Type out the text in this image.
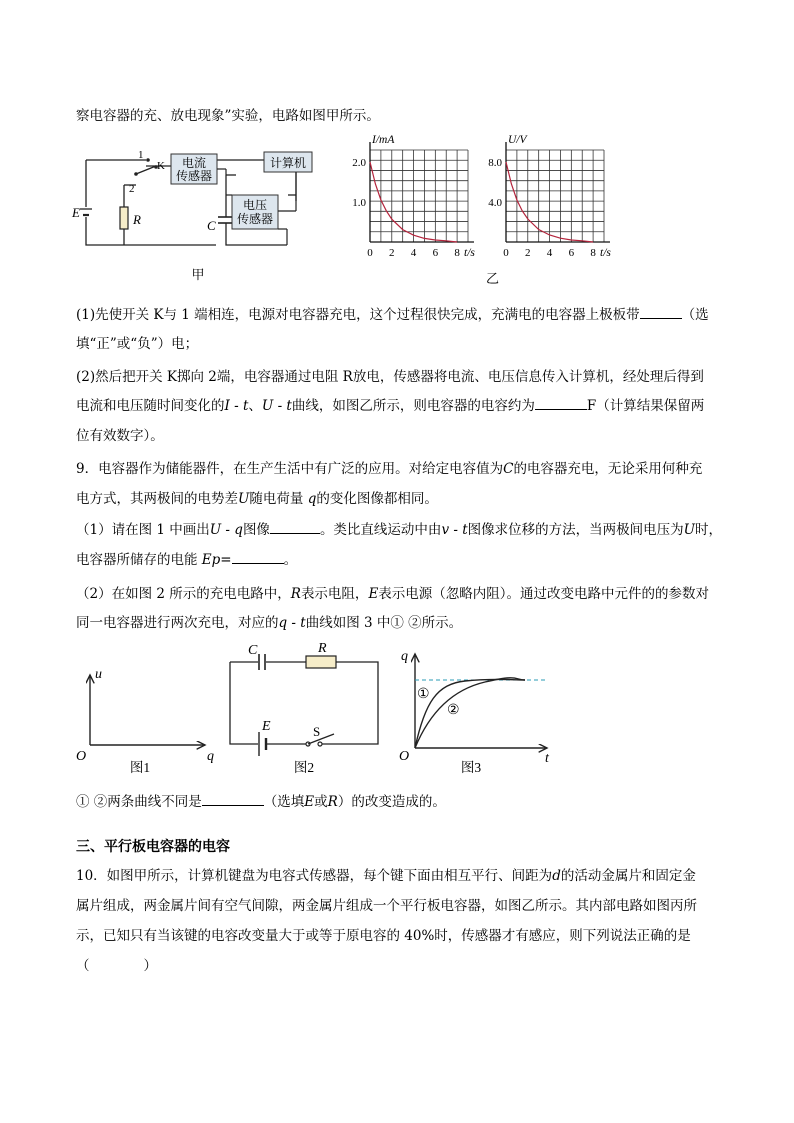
察电容器的充、放电现象”实验，电路如图甲所示。
E
1
K
2
R
电流
传感器
C
计算机
电压
传感器
甲
0 2 4 6 8
1.0
2.0
I/mA
t/s	0 2 4 6 8
4.0
8.0
U/V
t/s
乙
(1)先使开关 K与 1 端相连，电源对电容器充电，这个过程很快完成，充满电的电容器上极板带	（选
填“正”或“负”）电；
(2)然后把开关 K掷向 2端，电容器通过电阻 R放电，传感器将电流、电压信息传入计算机，经处理后得到
电流和电压随时间变化的I - t、U - t曲线，如图乙所示，则电容器的电容约为	F（计算结果保留两
位有效数字）。
9．电容器作为储能器件，在生产生活中有广泛的应用。对给定电容值为C的电容器充电，无论采用何种充
电方式，其两极间的电势差U随电荷量 q的变化图像都相同。
（1）请在图 1 中画出U - q图像	。类比直线运动中由v - t图像求位移的方法，当两极间电压为U时，
电容器所储存的电能 Ep=	。
（2）在如图 2 所示的充电电路中，R表示电阻，E表示电源（忽略内阻）。通过改变电路中元件的的参数对
同一电容器进行两次充电，对应的q - t曲线如图 3 中① ②所示。
u
O	q
图1
C	R
E	S
图2
q
O	t
①
②
图3
① ②两条曲线不同是	（选填E或R）的改变造成的。
三、平行板电容器的电容
10．如图甲所示，计算机键盘为电容式传感器，每个键下面由相互平行、间距为d的活动金属片和固定金
属片组成，两金属片间有空气间隙，两金属片组成一个平行板电容器，如图乙所示。其内部电路如图丙所
示，已知只有当该键的电容改变量大于或等于原电容的 40%时，传感器才有感应，则下列说法正确的是
（　　　　）
